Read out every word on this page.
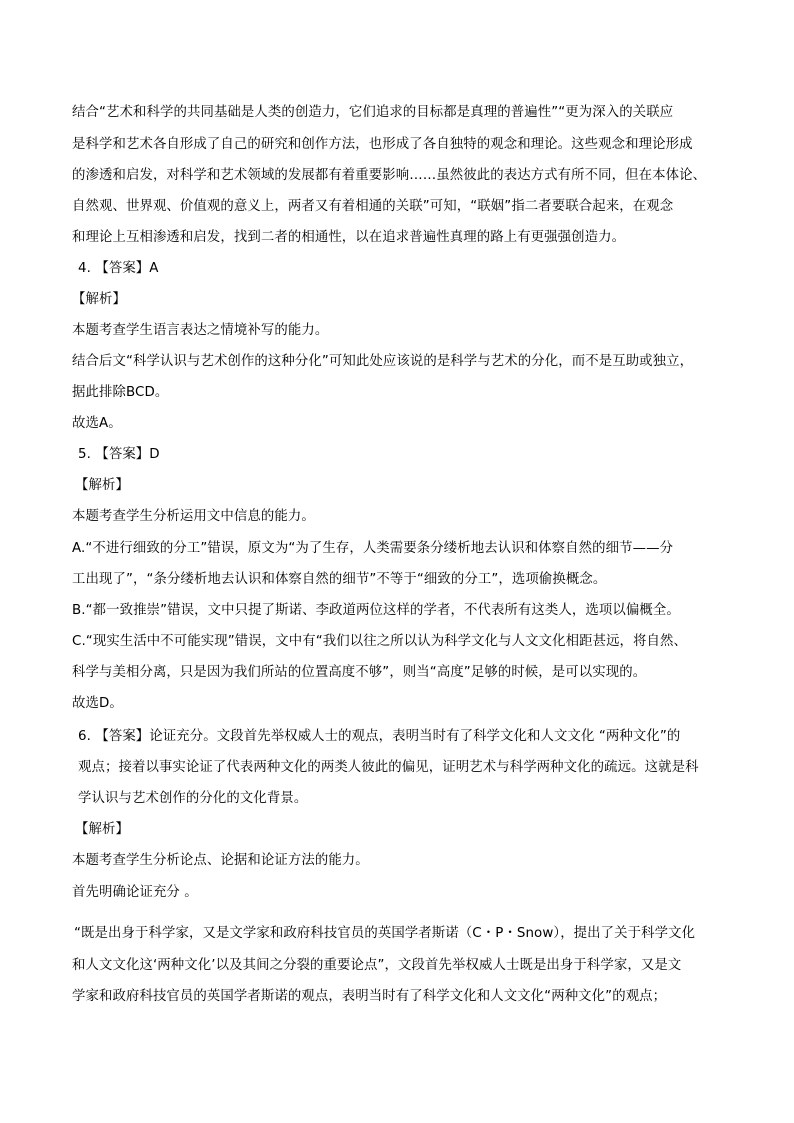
结合“艺术和科学的共同基础是人类的创造力，它们追求的目标都是真理的普遍性”“更为深入的关联应
是科学和艺术各自形成了自己的研究和创作方法，也形成了各自独特的观念和理论。这些观念和理论形成
的渗透和启发，对科学和艺术领域的发展都有着重要影响……虽然彼此的表达方式有所不同，但在本体论、
自然观、世界观、价值观的意义上，两者又有着相通的关联”可知，“联姻”指二者要联合起来，在观念
和理论上互相渗透和启发，找到二者的相通性，以在追求普遍性真理的路上有更强强创造力。
4. 【答案】A
【解析】
本题考查学生语言表达之情境补写的能力。
结合后文“科学认识与艺术创作的这种分化”可知此处应该说的是科学与艺术的分化，而不是互助或独立，
据此排除BCD。
故选A。
5. 【答案】D
【解析】
本题考查学生分析运用文中信息的能力。
A.“不进行细致的分工”错误，原文为“为了生存，人类需要条分缕析地去认识和体察自然的细节——分
工出现了”，“条分缕析地去认识和体察自然的细节”不等于“细致的分工”，选项偷换概念。
B.“都一致推崇”错误，文中只提了斯诺、李政道两位这样的学者，不代表所有这类人，选项以偏概全。
C.“现实生活中不可能实现”错误，文中有“我们以往之所以认为科学文化与人文文化相距甚远，将自然、
科学与美相分离，只是因为我们所站的位置高度不够”，则当“高度”足够的时候，是可以实现的。
故选D。
6. 【答案】论证充分。文段首先举权威人士的观点，表明当时有了科学文化和人文文化 “两种文化”的
观点；接着以事实论证了代表两种文化的两类人彼此的偏见，证明艺术与科学两种文化的疏远。这就是科
学认识与艺术创作的分化的文化背景。
【解析】
本题考查学生分析论点、论据和论证方法的能力。
首先明确论证充分 。
“既是出身于科学家，又是文学家和政府科技官员的英国学者斯诺（C・P・Snow），提出了关于科学文化
和人文文化这‘两种文化’以及其间之分裂的重要论点”，文段首先举权威人士既是出身于科学家，又是文
学家和政府科技官员的英国学者斯诺的观点，表明当时有了科学文化和人文文化“两种文化”的观点；
